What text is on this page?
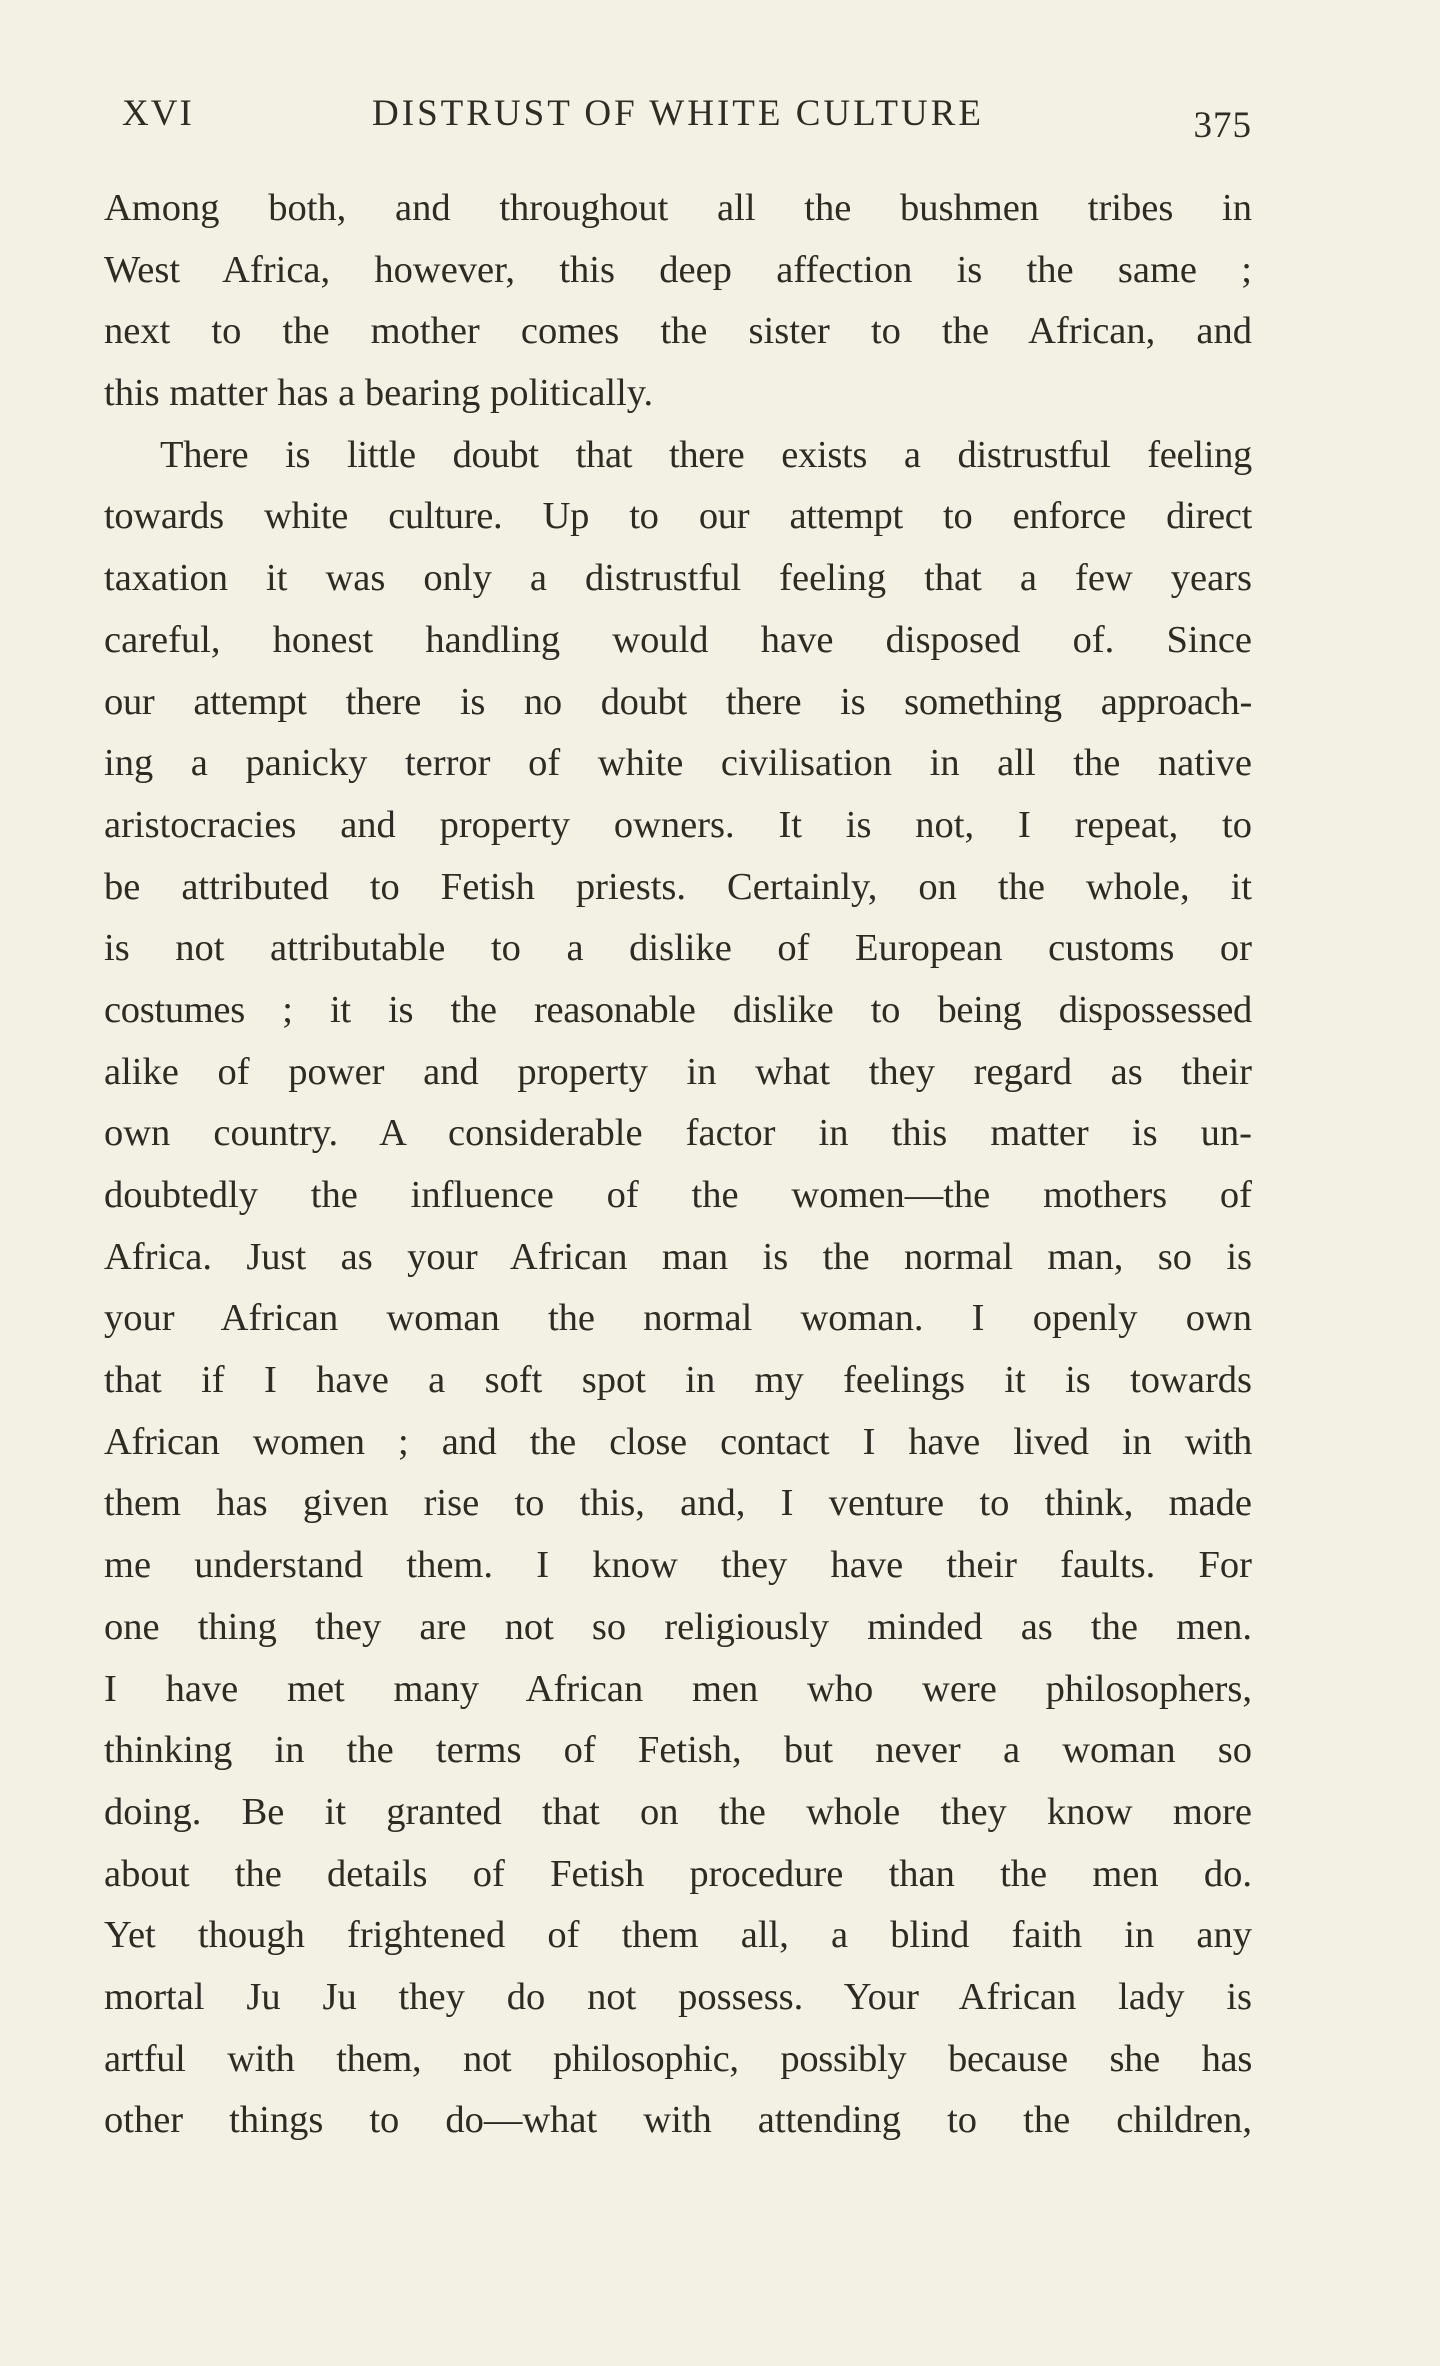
XVI	DISTRUST OF WHITE CULTURE	375
Among both, and throughout all the bushmen tribes in
West Africa, however, this deep affection is the same ;
next to the mother comes the sister to the African, and
this matter has a bearing politically.
There is little doubt that there exists a distrustful feeling
towards white culture. Up to our attempt to enforce direct
taxation it was only a distrustful feeling that a few years
careful, honest handling would have disposed of. Since
our attempt there is no doubt there is something approach-
ing a panicky terror of white civilisation in all the native
aristocracies and property owners. It is not, I repeat, to
be attributed to Fetish priests. Certainly, on the whole, it
is not attributable to a dislike of European customs or
costumes ; it is the reasonable dislike to being dispossessed
alike of power and property in what they regard as their
own country. A considerable factor in this matter is un-
doubtedly the influence of the women—the mothers of
Africa. Just as your African man is the normal man, so is
your African woman the normal woman. I openly own
that if I have a soft spot in my feelings it is towards
African women ; and the close contact I have lived in with
them has given rise to this, and, I venture to think, made
me understand them. I know they have their faults. For
one thing they are not so religiously minded as the men.
I have met many African men who were philosophers,
thinking in the terms of Fetish, but never a woman so
doing. Be it granted that on the whole they know more
about the details of Fetish procedure than the men do.
Yet though frightened of them all, a blind faith in any
mortal Ju Ju they do not possess. Your African lady is
artful with them, not philosophic, possibly because she has
other things to do—what with attending to the children,
